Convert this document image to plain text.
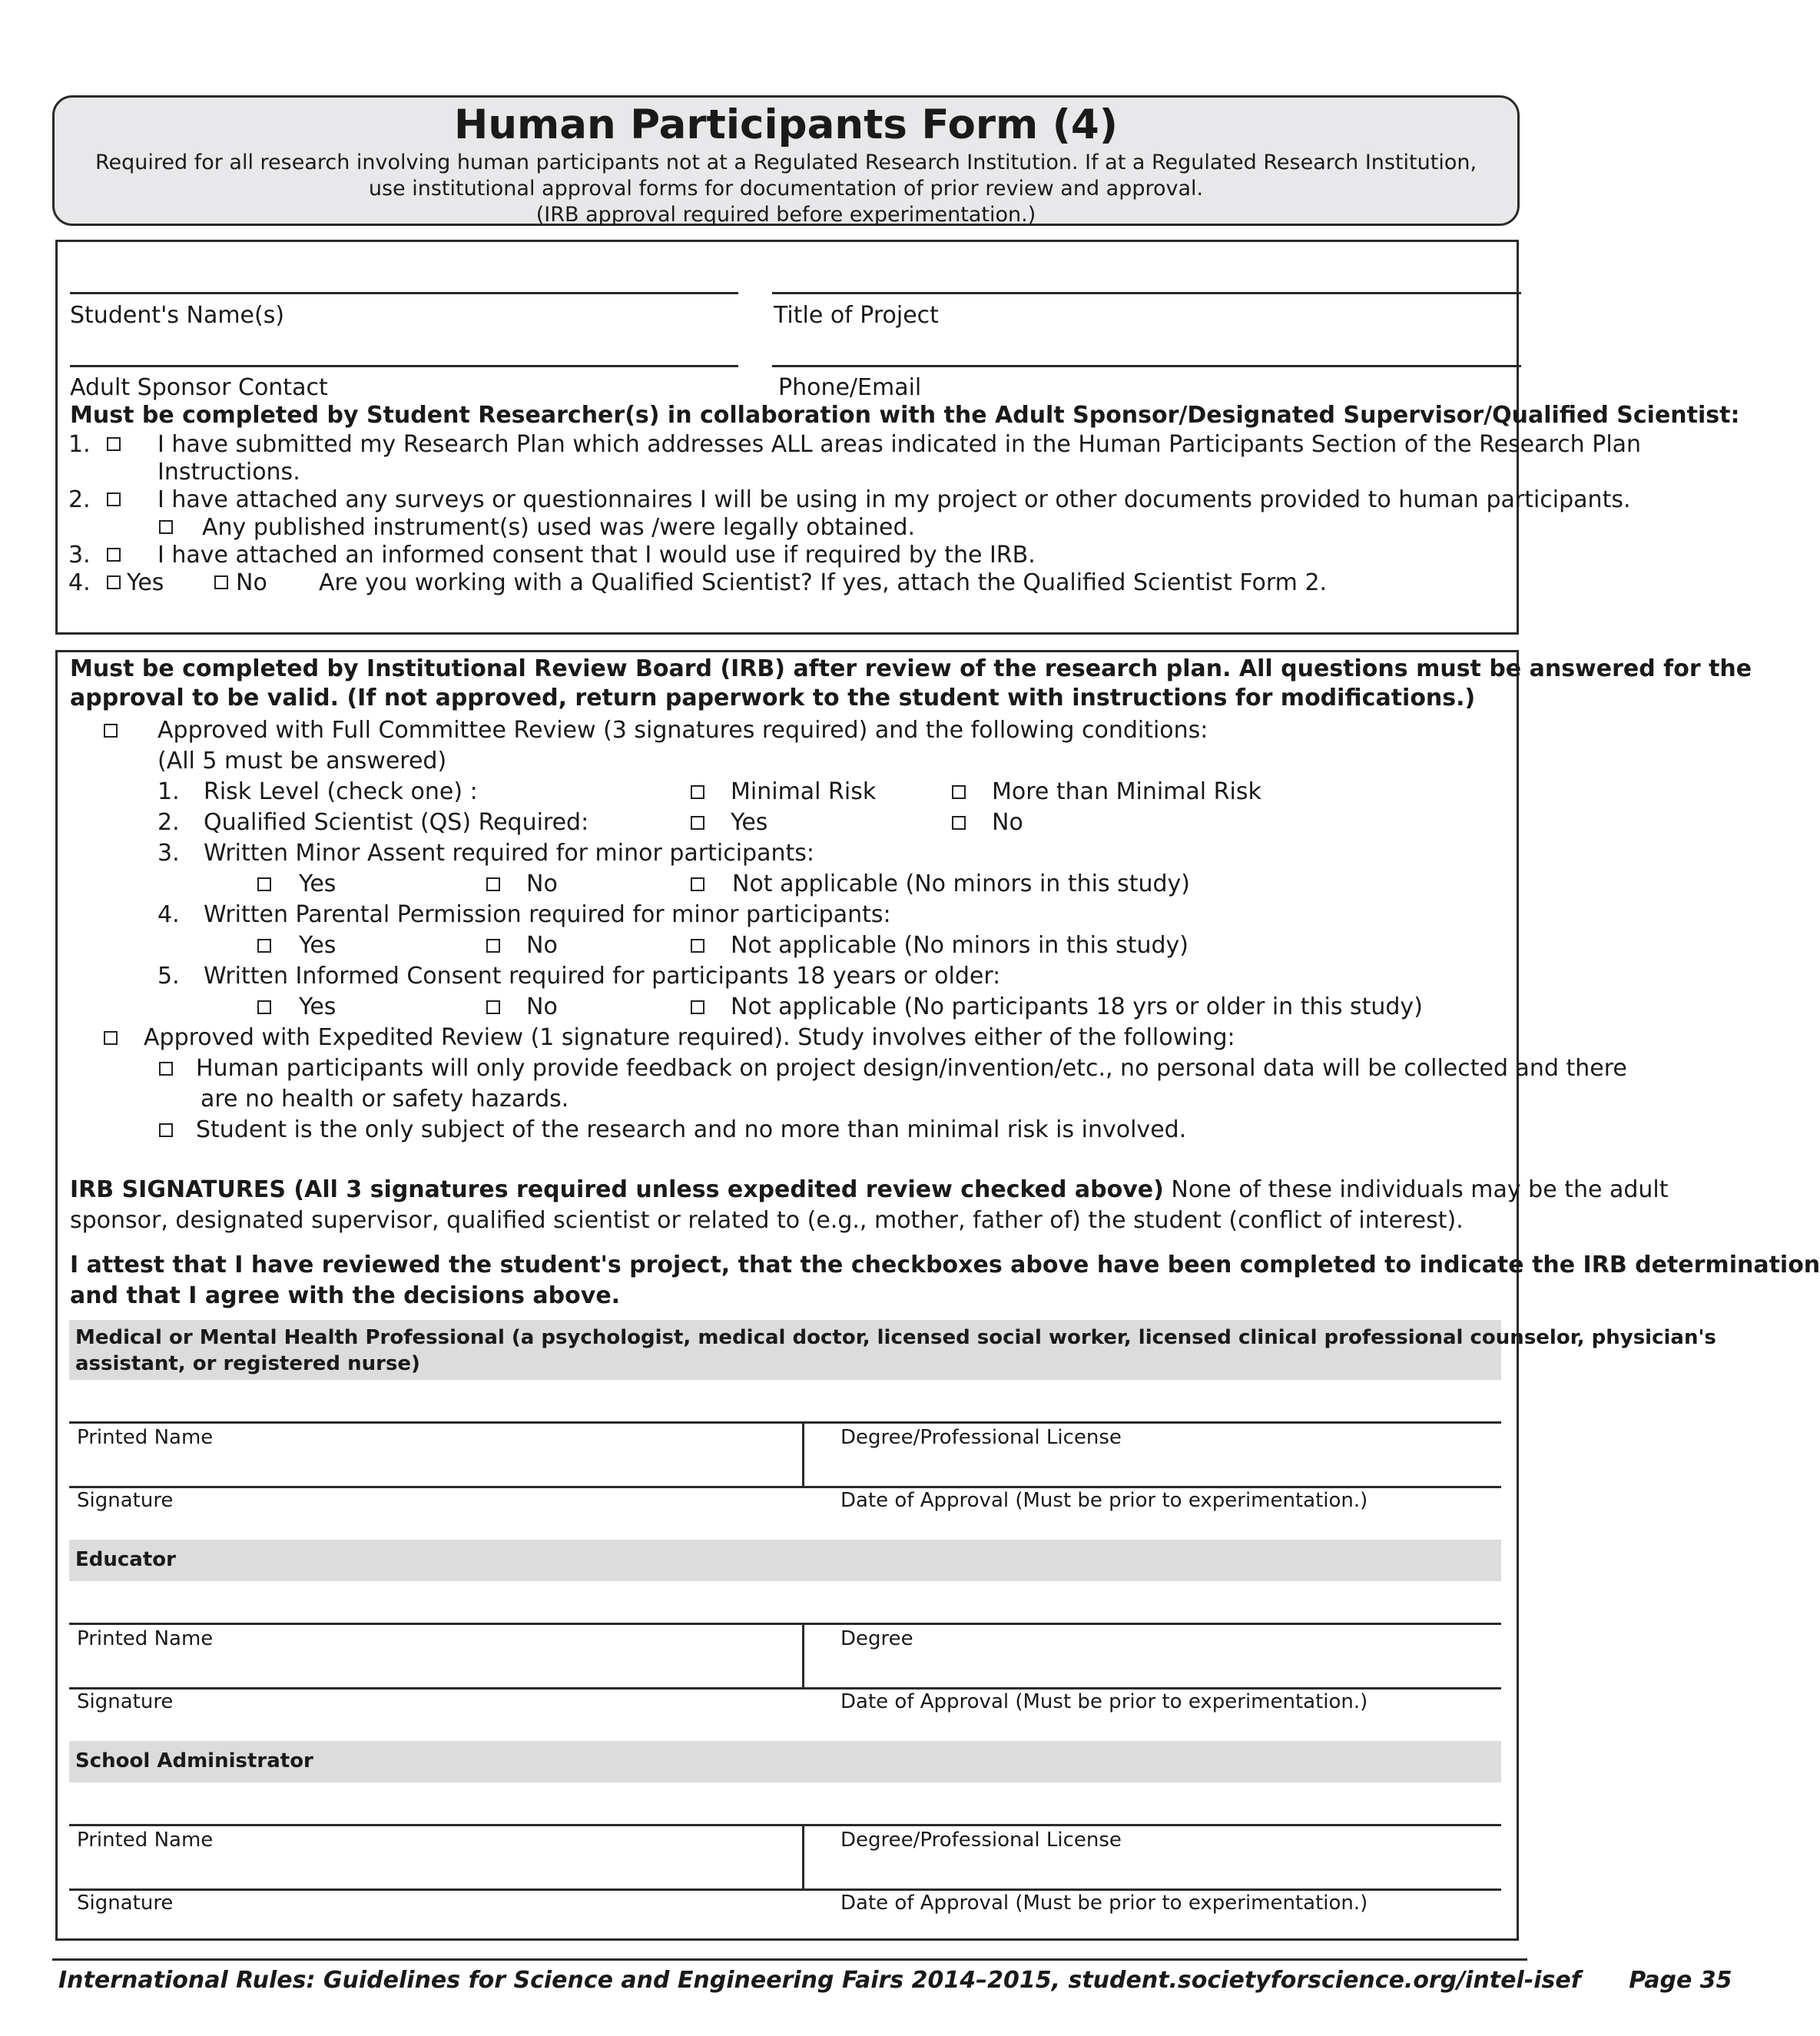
Human Participants Form (4)
Required for all research involving human participants not at a Regulated Research Institution. If at a Regulated Research Institution,
use institutional approval forms for documentation of prior review and approval.
(IRB approval required before experimentation.)
Student's Name(s)	Title of Project
Adult Sponsor Contact	Phone/Email
Must be completed by Student Researcher(s) in collaboration with the Adult Sponsor/Designated Supervisor/Qualified Scientist:
1.	I have submitted my Research Plan which addresses ALL areas indicated in the Human Participants Section of the Research Plan
Instructions.
2.	I have attached any surveys or questionnaires I will be using in my project or other documents provided to human participants.
Any published instrument(s) used was /were legally obtained.
3.	I have attached an informed consent that I would use if required by the IRB.
4. Yes	No Are you working with a Qualified Scientist? If yes, attach the Qualified Scientist Form 2.
Must be completed by Institutional Review Board (IRB) after review of the research plan. All questions must be answered for the
approval to be valid. (If not approved, return paperwork to the student with instructions for modifications.)
Approved with Full Committee Review (3 signatures required) and the following conditions:
(All 5 must be answered)
1. Risk Level (check one) :	Minimal Risk	More than Minimal Risk
2. Qualified Scientist (QS) Required:	Yes	No
3. Written Minor Assent required for minor participants:
Yes	No	Not applicable (No minors in this study)
4. Written Parental Permission required for minor participants:
Yes	No	Not applicable (No minors in this study)
5. Written Informed Consent required for participants 18 years or older:
Yes	No	Not applicable (No participants 18 yrs or older in this study)
Approved with Expedited Review (1 signature required). Study involves either of the following:
Human participants will only provide feedback on project design/invention/etc., no personal data will be collected and there
are no health or safety hazards.
Student is the only subject of the research and no more than minimal risk is involved.
IRB SIGNATURES (All 3 signatures required unless expedited review checked above) None of these individuals may be the adult
sponsor, designated supervisor, qualified scientist or related to (e.g., mother, father of) the student (conflict of interest).
I attest that I have reviewed the student's project, that the checkboxes above have been completed to indicate the IRB determination
and that I agree with the decisions above.
Medical or Mental Health Professional (a psychologist, medical doctor, licensed social worker, licensed clinical professional counselor, physician's
assistant, or registered nurse)
Printed Name	Degree/Professional License
Signature	Date of Approval (Must be prior to experimentation.)
Educator
Printed Name	Degree
Signature	Date of Approval (Must be prior to experimentation.)
School Administrator
Printed Name	Degree/Professional License
Signature	Date of Approval (Must be prior to experimentation.)
International Rules: Guidelines for Science and Engineering Fairs 2014–2015, student.societyforscience.org/intel-isef Page 35
